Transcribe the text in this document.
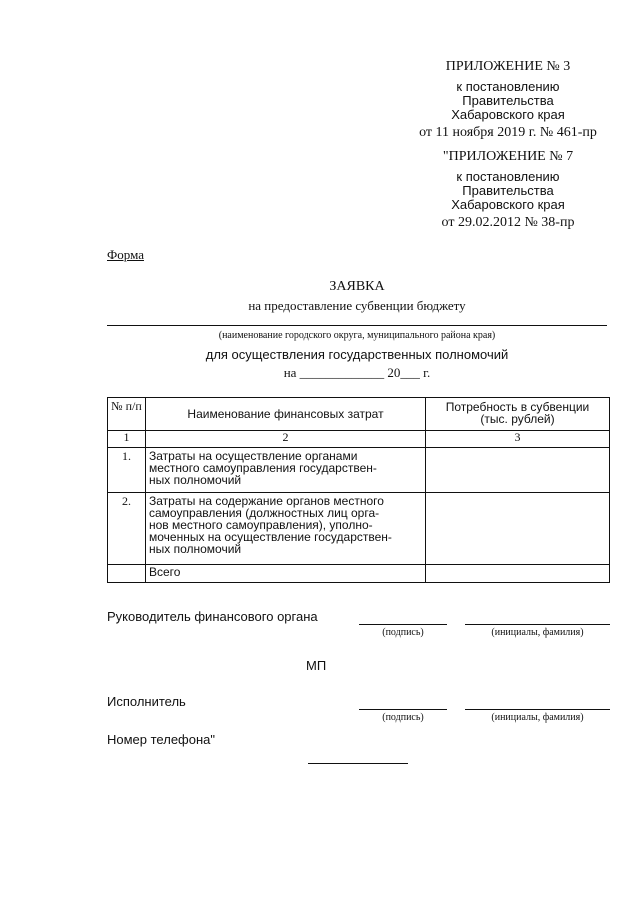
ПРИЛОЖЕНИЕ № 3
к постановлению
Правительства
Хабаровского края
от 11 ноября 2019 г. № 461-пр
"ПРИЛОЖЕНИЕ № 7
к постановлению
Правительства
Хабаровского края
от 29.02.2012 № 38-пр
Форма
ЗАЯВКА
на предоставление субвенции бюджету
(наименование городского округа, муниципального района края)
для осуществления государственных полномочий
на _____________ 20___ г.
№ п/п	Наименование финансовых затрат	Потребность в субвенции
(тыс. рублей)

1	2	3
1.	Затраты на осуществление органами
местного самоуправления государствен-
ных полномочий	

2.	Затраты на содержание органов местного
самоуправления (должностных лиц орга-
нов местного самоуправления), уполно-
моченных на осуществление государствен-
ных полномочий	

	Всего	
Руководитель финансового органа
(подпись)	(инициалы, фамилия)
МП
Исполнитель
(подпись)	(инициалы, фамилия)
Номер телефона"
